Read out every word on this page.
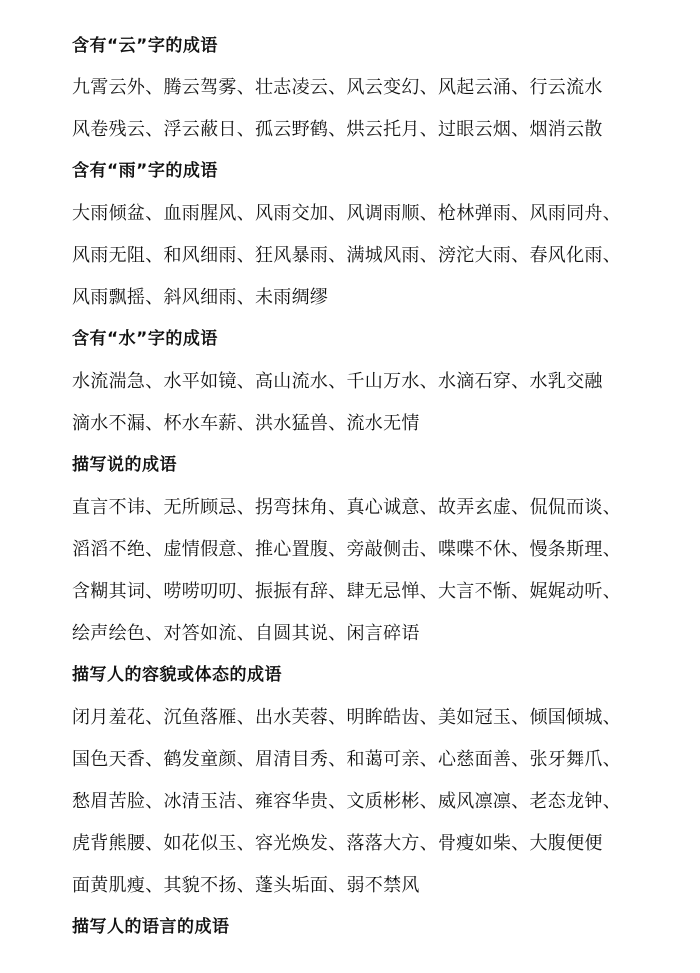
含有“云”字的成语
九霄云外、腾云驾雾、壮志凌云、风云变幻、风起云涌、行云流水
风卷残云、浮云蔽日、孤云野鹤、烘云托月、过眼云烟、烟消云散
含有“雨”字的成语
大雨倾盆、血雨腥风、风雨交加、风调雨顺、枪林弹雨、风雨同舟、
风雨无阻、和风细雨、狂风暴雨、满城风雨、滂沱大雨、春风化雨、
风雨飘摇、斜风细雨、未雨绸缪
含有“水”字的成语
水流湍急、水平如镜、高山流水、千山万水、水滴石穿、水乳交融
滴水不漏、杯水车薪、洪水猛兽、流水无情
描写说的成语
直言不讳、无所顾忌、拐弯抹角、真心诚意、故弄玄虚、侃侃而谈、
滔滔不绝、虚情假意、推心置腹、旁敲侧击、喋喋不休、慢条斯理、
含糊其词、唠唠叨叨、振振有辞、肆无忌惮、大言不惭、娓娓动听、
绘声绘色、对答如流、自圆其说、闲言碎语
描写人的容貌或体态的成语
闭月羞花、沉鱼落雁、出水芙蓉、明眸皓齿、美如冠玉、倾国倾城、
国色天香、鹤发童颜、眉清目秀、和蔼可亲、心慈面善、张牙舞爪、
愁眉苦脸、冰清玉洁、雍容华贵、文质彬彬、威风凛凛、老态龙钟、
虎背熊腰、如花似玉、容光焕发、落落大方、骨瘦如柴、大腹便便
面黄肌瘦、其貌不扬、蓬头垢面、弱不禁风
描写人的语言的成语
